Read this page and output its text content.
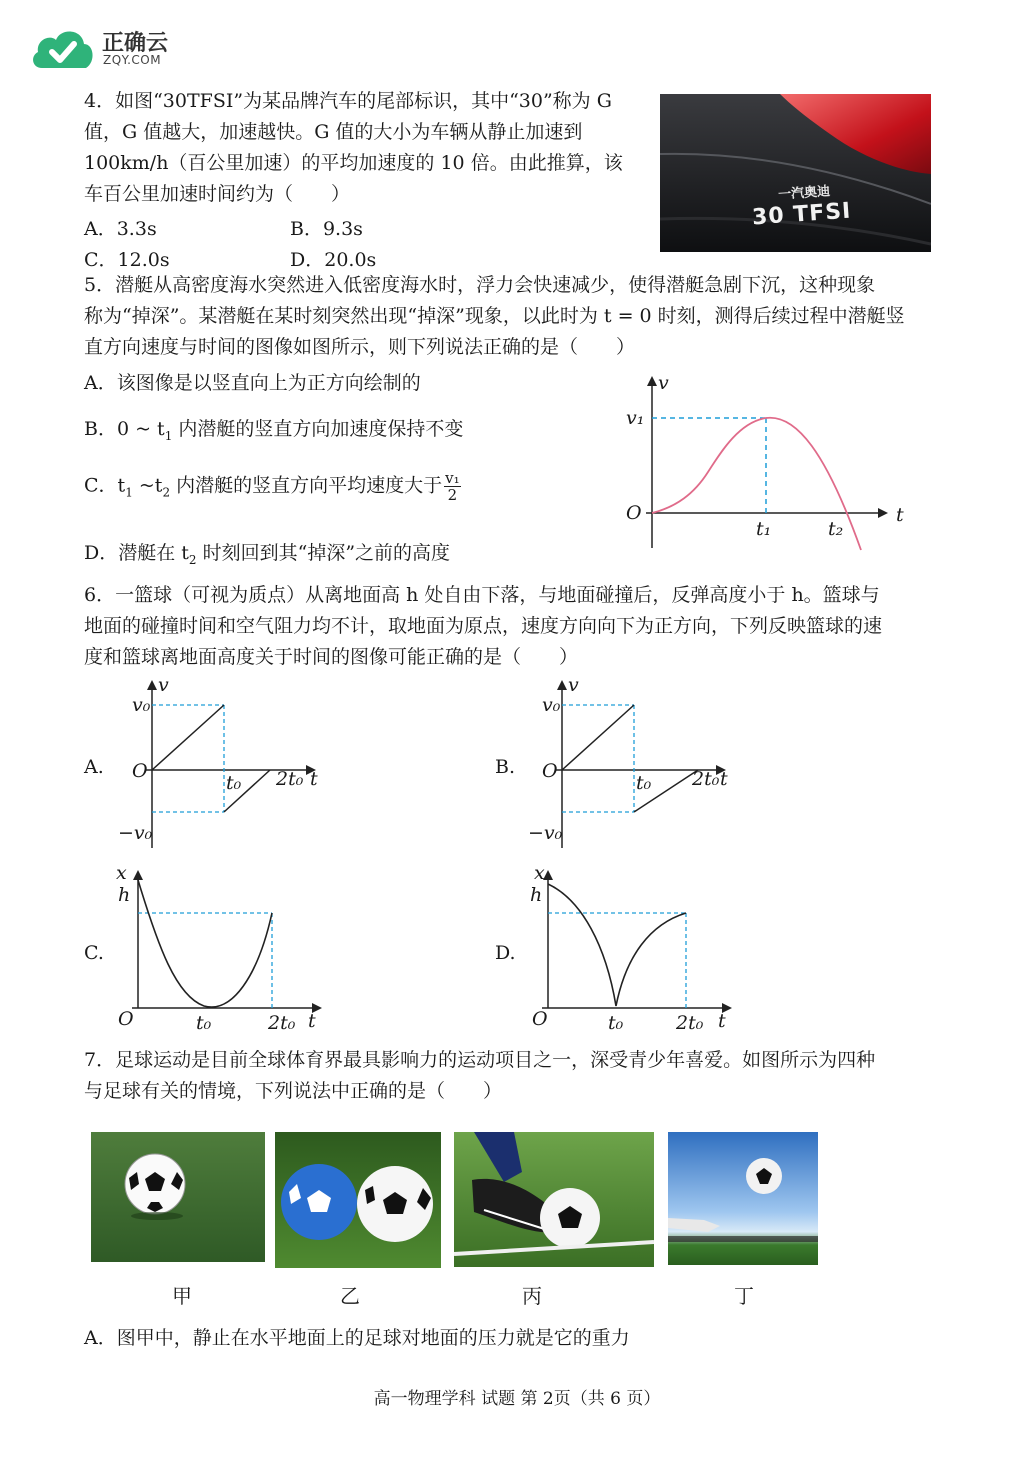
正确云
ZQY.COM
4．如图“30TFSI”为某品牌汽车的尾部标识，其中“30”称为 G
值，G 值越大，加速越快。G 值的大小为车辆从静止加速到
100km/h（百公里加速）的平均加速度的 10 倍。由此推算，该
车百公里加速时间约为（　　）
A．3.3s	B．9.3s
C．12.0s	D．20.0s
一汽奥迪
30 TFSI
5．潜艇从高密度海水突然进入低密度海水时，浮力会快速减少，使得潜艇急剧下沉，这种现象
称为“掉深”。某潜艇在某时刻突然出现“掉深”现象，以此时为 t = 0 时刻，测得后续过程中潜艇竖
直方向速度与时间的图像如图所示，则下列说法正确的是（　　）
A．该图像是以竖直向上为正方向绘制的
B．0 ~ $t_1$ 内潜艇的竖直方向加速度保持不变
C．$t_1$ $\sim t_2$ 内潜艇的竖直方向平均速度大于 $\frac{\text{v₁}}{2}$
D．潜艇在 $t_2$ 时刻回到其“掉深”之前的高度
v
v₁
O	t
t₁	t₂
6．一篮球（可视为质点）从离地面高 h 处自由下落，与地面碰撞后，反弹高度小于 h。篮球与
地面的碰撞时间和空气阻力均不计，取地面为原点，速度方向向下为正方向，下列反映篮球的速
度和篮球离地面高度关于时间的图像可能正确的是（　　）
A.	B.
C.	D.
v
v₀
O
t₀ 2t₀ t
−v₀
v
v₀
O
t₀ 2t₀ t
−v₀
x
h
O	t₀	2t₀ t
x
h
O	t₀	2t₀ t
7．足球运动是目前全球体育界最具影响力的运动项目之一，深受青少年喜爱。如图所示为四种
与足球有关的情境，下列说法中正确的是（　　）
甲	乙	丙	丁
A．图甲中，静止在水平地面上的足球对地面的压力就是它的重力
高一物理学科 试题 第 2页（共 6 页）
